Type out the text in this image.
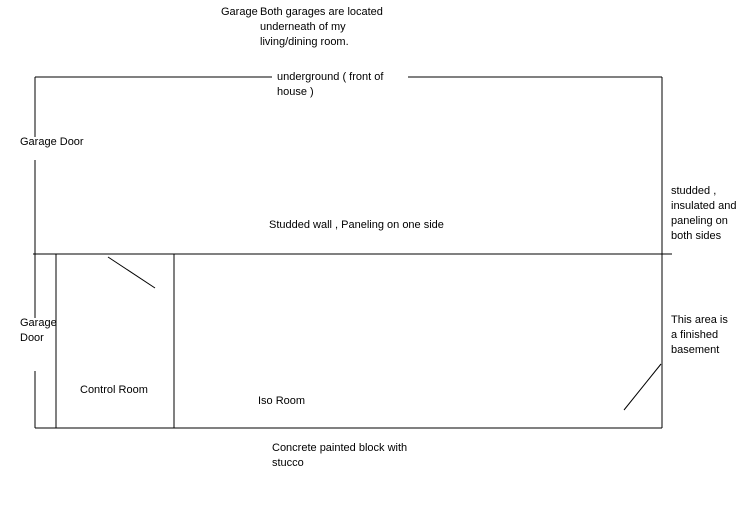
Garage Both garages are located
underneath of my
living/dining room.
underground ( front of
house )
Garage Door
Studded wall , Paneling on one side
studded ,
insulated and
paneling on
both sides
Garage
Door
Control Room
Iso Room
This area is
a finished
basement
Concrete painted block with
stucco
